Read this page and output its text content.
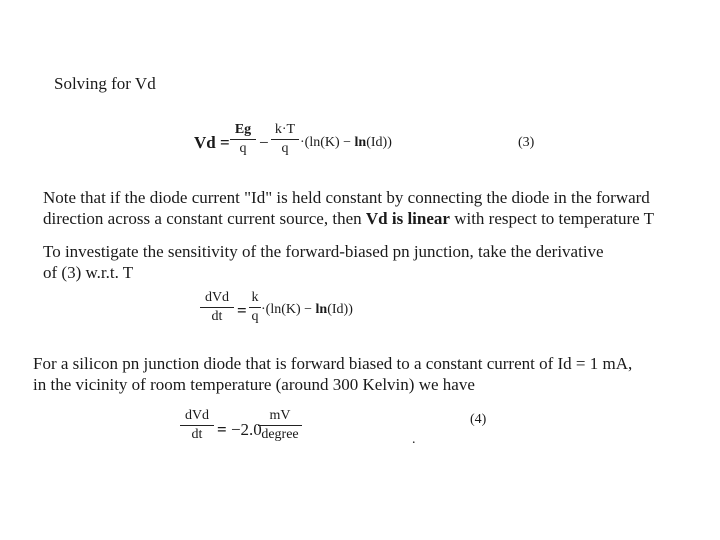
Solving for Vd
Vd =
Eg
q −
k·T
q ·(ln(K) − ln(Id))	(3)
Note that if the diode current "Id" is held constant by connecting the diode in the forward
direction across a constant current source, then Vd is linear with respect to temperature T
To investigate the sensitivity of the forward-biased pn junction, take the derivative
of (3) w.r.t. T
dVd
dt =
k
q ·(ln(K) − ln(Id))
For a silicon pn junction diode that is forward biased to a constant current of Id = 1 mA,
in the vicinity of room temperature (around 300 Kelvin) we have
dVd
dt = −2.0
mV
degree
(4)
.
